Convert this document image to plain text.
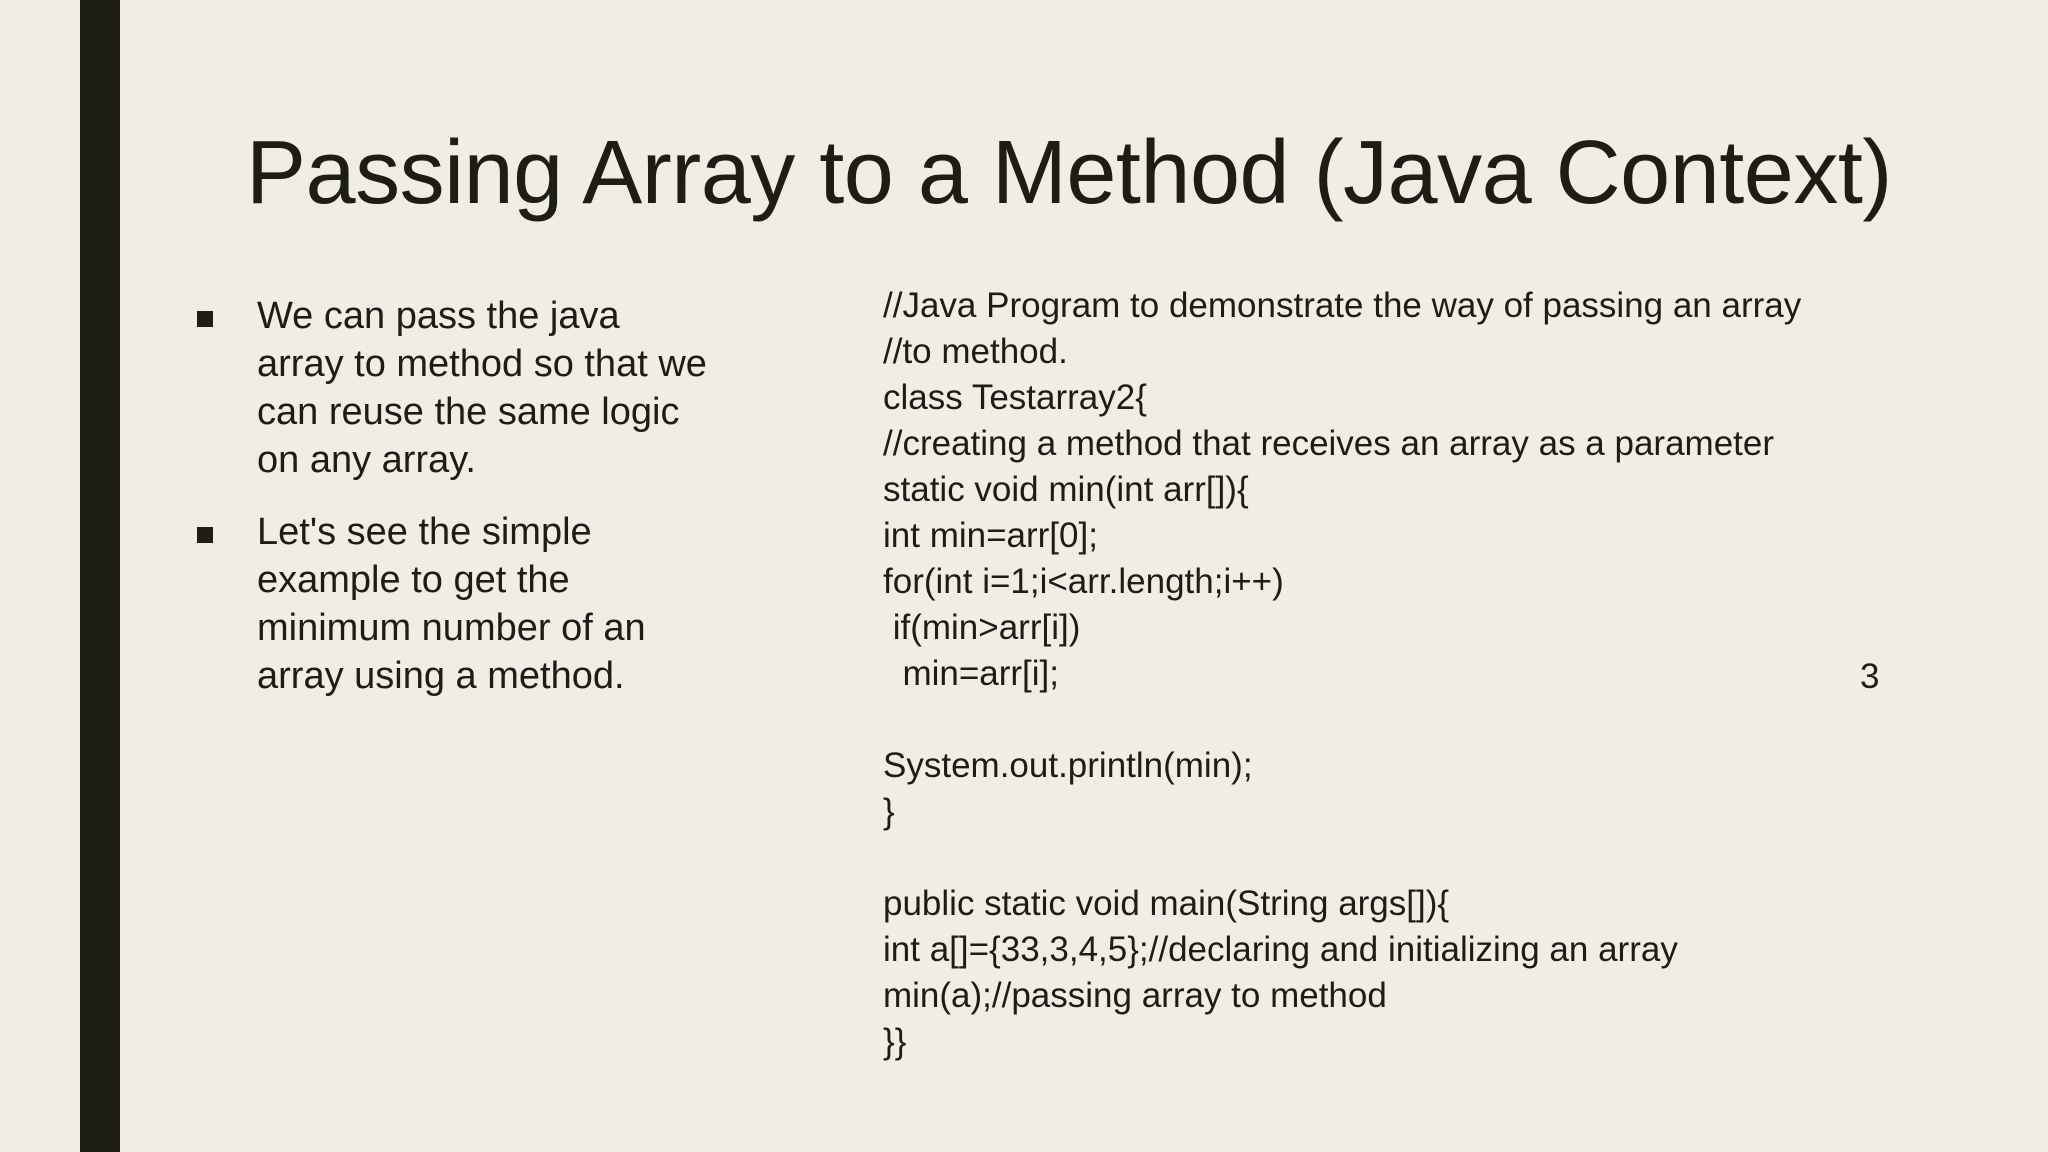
Passing Array to a Method (Java Context)
We can pass the java array to method so that we can reuse the same logic on any array.
Let's see the simple example to get the minimum number of an array using a method.
//Java Program to demonstrate the way of passing an array
//to method.
class Testarray2{
//creating a method that receives an array as a parameter
static void min(int arr[]){
int min=arr[0];
for(int i=1;i<arr.length;i++)
if(min>arr[i])
min=arr[i];

System.out.println(min);
}

public static void main(String args[]){
int a[]={33,3,4,5};//declaring and initializing an array
min(a);//passing array to method
}}
3
